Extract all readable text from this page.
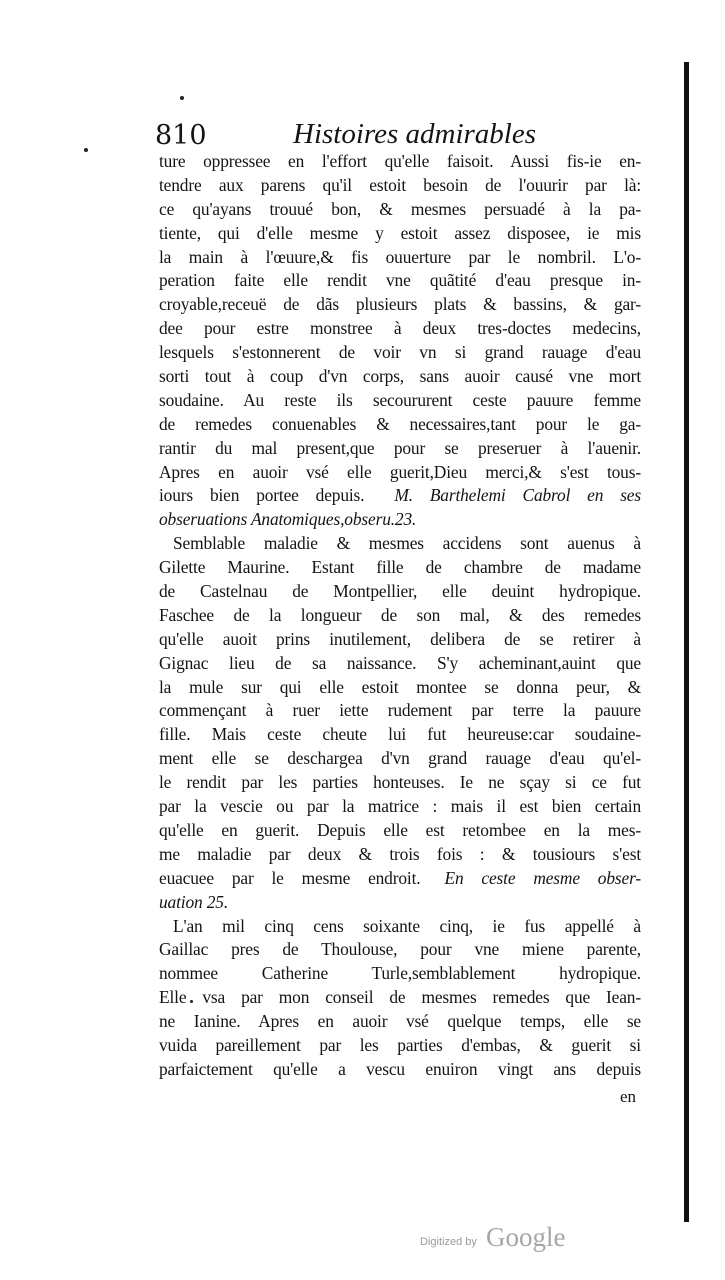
810	Histoires admirables
ture oppressee en l'effort qu'elle faisoit. Aussi fis-ie en-
tendre aux parens qu'il estoit besoin de l'ouurir par là:
ce qu'ayans trouué bon, & mesmes persuadé à la pa-
tiente, qui d'elle mesme y estoit assez disposee, ie mis
la main à l'œuure,& fis ouuerture par le nombril. L'o-
peration faite elle rendit vne quãtité d'eau presque in-
croyable,receuë de dãs plusieurs plats & bassins, & gar-
dee pour estre monstree à deux tres-doctes medecins,
lesquels s'estonnerent de voir vn si grand rauage d'eau
sorti tout à coup d'vn corps, sans auoir causé vne mort
soudaine. Au reste ils secoururent ceste pauure femme
de remedes conuenables & necessaires,tant pour le ga-
rantir du mal present,que pour se preseruer à l'auenir.
Apres en auoir vsé elle guerit,Dieu merci,& s'est tous-
iours bien portee depuis. M. Barthelemi Cabrol en ses
obseruations Anatomiques,obseru.23.
Semblable maladie & mesmes accidens sont auenus à
Gilette Maurine. Estant fille de chambre de madame
de Castelnau de Montpellier, elle deuint hydropique.
Faschee de la longueur de son mal, & des remedes
qu'elle auoit prins inutilement, delibera de se retirer à
Gignac lieu de sa naissance. S'y acheminant,auint que
la mule sur qui elle estoit montee se donna peur, &
commençant à ruer iette rudement par terre la pauure
fille. Mais ceste cheute lui fut heureuse:car soudaine-
ment elle se deschargea d'vn grand rauage d'eau qu'el-
le rendit par les parties honteuses. Ie ne sçay si ce fut
par la vescie ou par la matrice : mais il est bien certain
qu'elle en guerit. Depuis elle est retombee en la mes-
me maladie par deux & trois fois : & tousiours s'est
euacuee par le mesme endroit. En ceste mesme obser-
uation 25.
L'an mil cinq cens soixante cinq, ie fus appellé à
Gaillac pres de Thoulouse, pour vne miene parente,
nommee Catherine Turle,semblablement hydropique.
Elle vsa par mon conseil de mesmes remedes que Iean-
ne Ianine. Apres en auoir vsé quelque temps, elle se
vuida pareillement par les parties d'embas, & guerit si
parfaictement qu'elle a vescu enuiron vingt ans depuis
en
Digitized by Google
